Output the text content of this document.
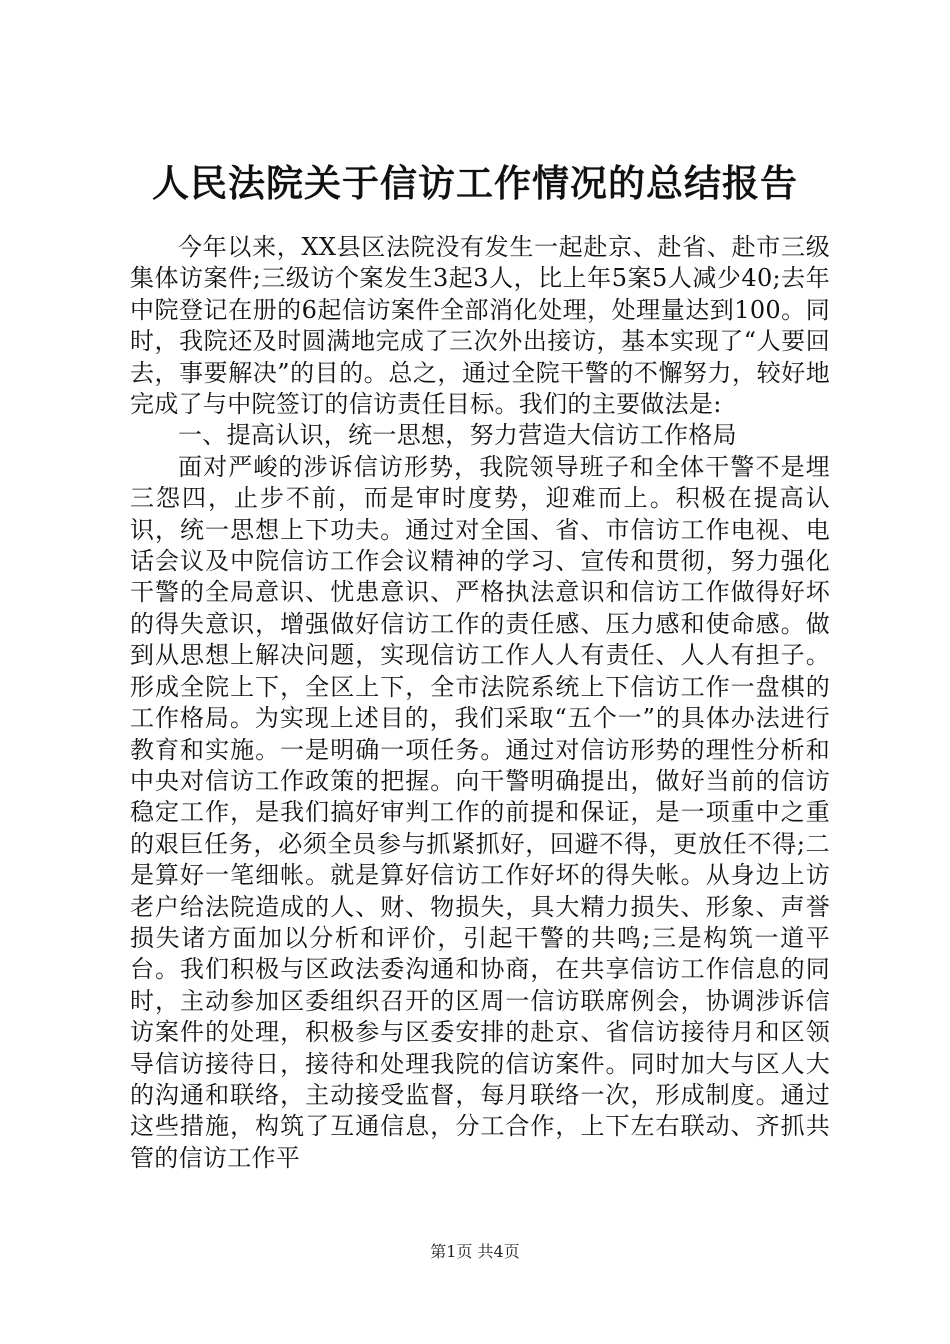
人民法院关于信访工作情况的总结报告

今年以来，XX县区法院没有发生一起赴京、赴省、赴市三级集体访案件;三级访个案发生3起3人，比上年5案5人减少40;去年中院登记在册的6起信访案件全部消化处理，处理量达到100。同时，我院还及时圆满地完成了三次外出接访，基本实现了“人要回去，事要解决”的目的。总之，通过全院干警的不懈努力，较好地完成了与中院签订的信访责任目标。我们的主要做法是:

一、提高认识，统一思想，努力营造大信访工作格局

面对严峻的涉诉信访形势，我院领导班子和全体干警不是埋三怨四，止步不前，而是审时度势，迎难而上。积极在提高认识，统一思想上下功夫。通过对全国、省、市信访工作电视、电话会议及中院信访工作会议精神的学习、宣传和贯彻，努力强化干警的全局意识、忧患意识、严格执法意识和信访工作做得好坏的得失意识，增强做好信访工作的责任感、压力感和使命感。做到从思想上解决问题，实现信访工作人人有责任、人人有担子。形成全院上下，全区上下，全市法院系统上下信访工作一盘棋的工作格局。为实现上述目的，我们采取“五个一”的具体办法进行教育和实施。一是明确一项任务。通过对信访形势的理性分析和中央对信访工作政策的把握。向干警明确提出，做好当前的信访稳定工作，是我们搞好审判工作的前提和保证，是一项重中之重的艰巨任务，必须全员参与抓紧抓好，回避不得，更放任不得;二是算好一笔细帐。就是算好信访工作好坏的得失帐。从身边上访老户给法院造成的人、财、物损失，具大精力损失、形象、声誉损失诸方面加以分析和评价，引起干警的共鸣;三是构筑一道平台。我们积极与区政法委沟通和协商，在共享信访工作信息的同时，主动参加区委组织召开的区周一信访联席例会，协调涉诉信访案件的处理，积极参与区委安排的赴京、省信访接待月和区领导信访接待日，接待和处理我院的信访案件。同时加大与区人大的沟通和联络，主动接受监督，每月联络一次，形成制度。通过这些措施，构筑了互通信息，分工合作，上下左右联动、齐抓共管的信访工作平

第1页 共4页
